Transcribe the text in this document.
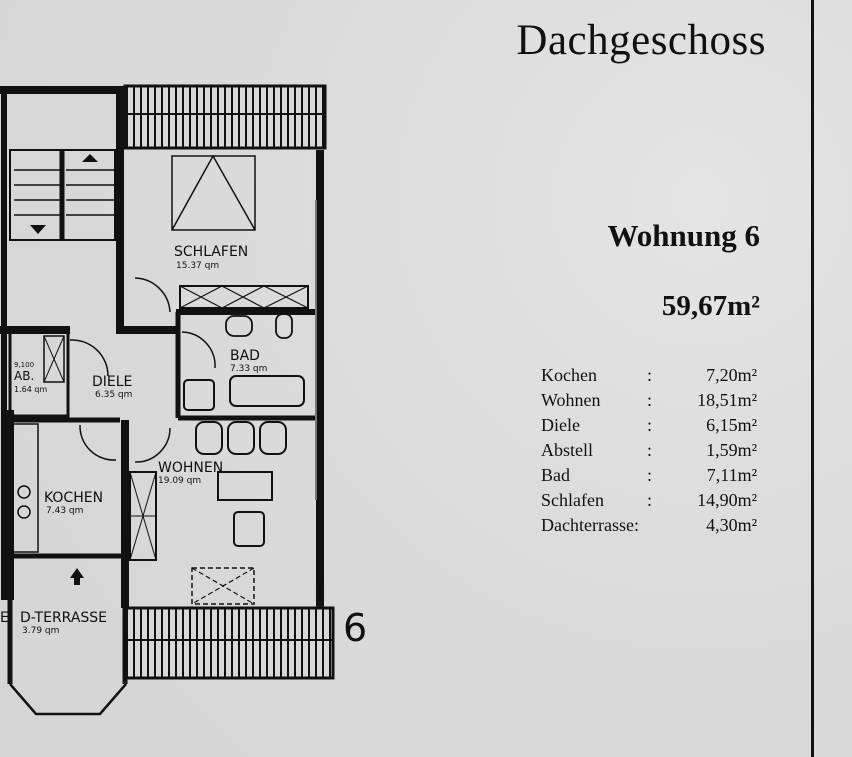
Dachgeschoss
Wohnung 6
59,67m²
Kochen	:	7,20m²
Wohnen	:	18,51m²
Diele	:	6,15m²
Abstell	:	1,59m²
Bad	:	7,11m²
Schlafen :	14,90m²
Dachterrasse:	4,30m²
SCHLAFEN
15.37 qm
BAD
7.33 qm
DIELE
6.35 qm
9,100
AB.
1.64 qm
WOHNEN
19.09 qm
KOCHEN
7.43 qm
D-TERRASSE
3.79 qm
E	6
